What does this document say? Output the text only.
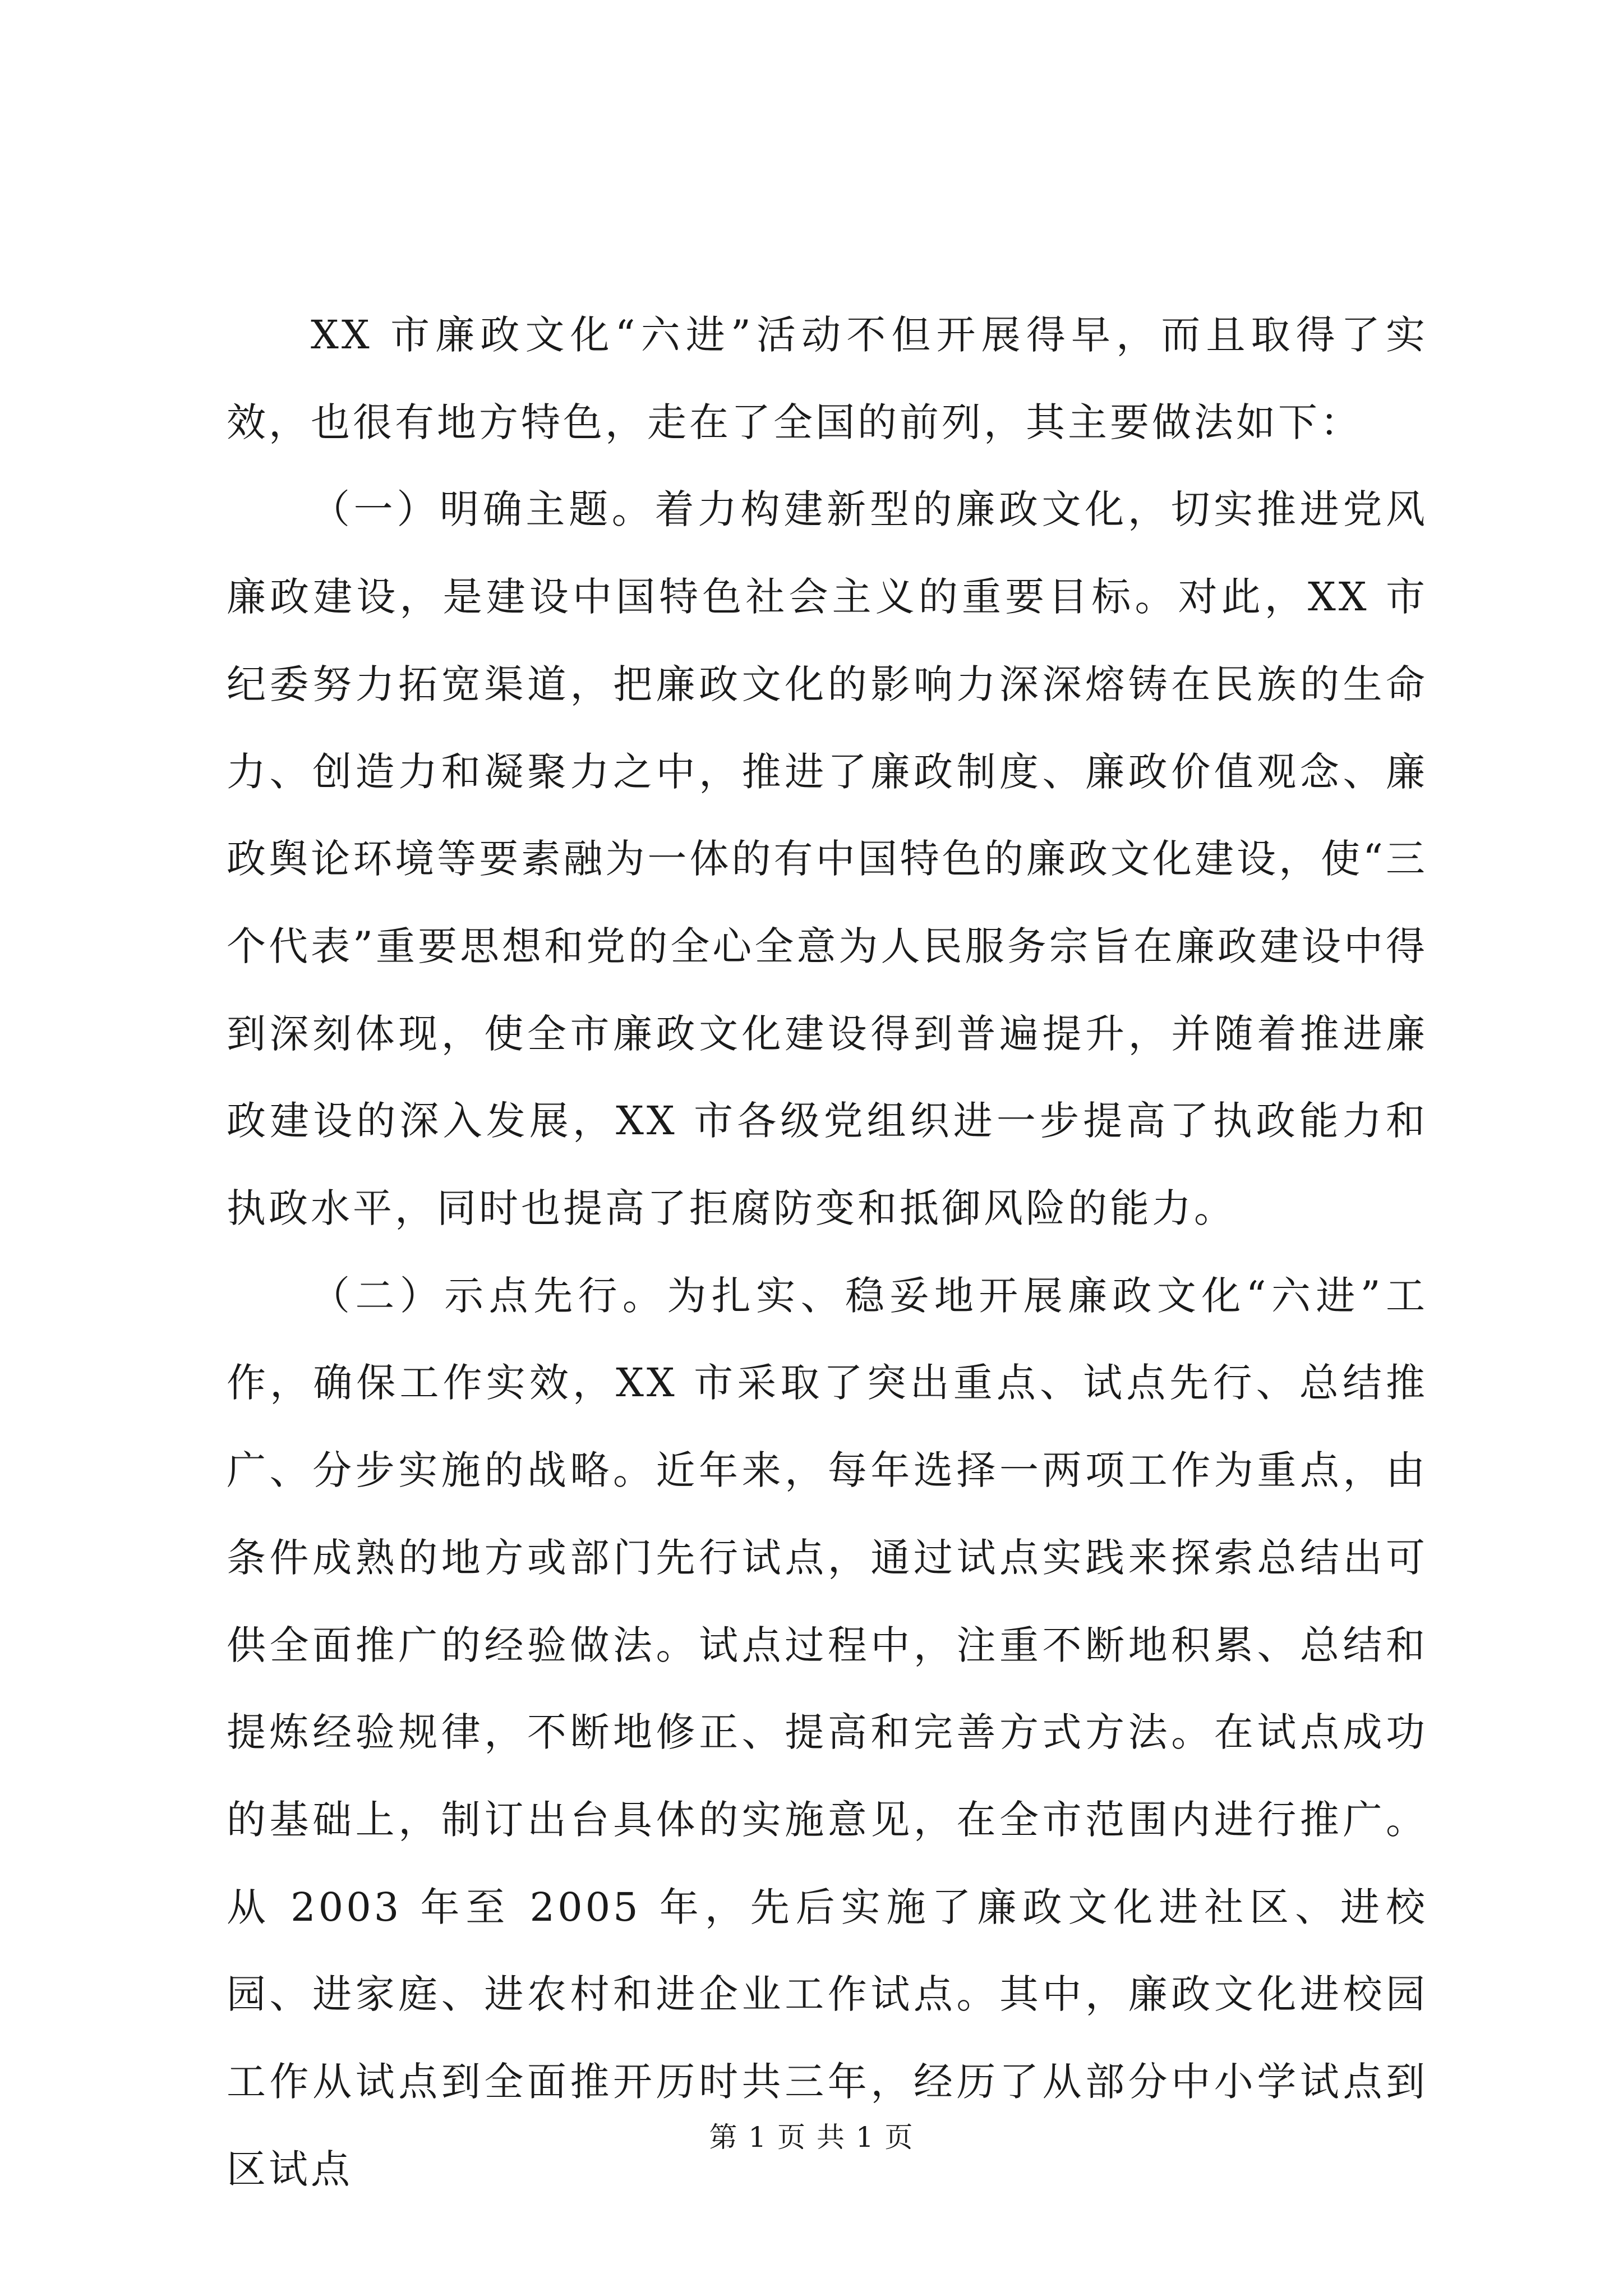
XX 市廉政文化“六进”活动不但开展得早，而且取得了实效，也很有地方特色，走在了全国的前列，其主要做法如下：

（一）明确主题。着力构建新型的廉政文化，切实推进党风廉政建设，是建设中国特色社会主义的重要目标。对此，XX 市纪委努力拓宽渠道，把廉政文化的影响力深深熔铸在民族的生命力、创造力和凝聚力之中，推进了廉政制度、廉政价值观念、廉政舆论环境等要素融为一体的有中国特色的廉政文化建设，使“三个代表”重要思想和党的全心全意为人民服务宗旨在廉政建设中得到深刻体现，使全市廉政文化建设得到普遍提升，并随着推进廉政建设的深入发展，XX 市各级党组织进一步提高了执政能力和执政水平，同时也提高了拒腐防变和抵御风险的能力。

（二）示点先行。为扎实、稳妥地开展廉政文化“六进”工作，确保工作实效，XX 市采取了突出重点、试点先行、总结推广、分步实施的战略。近年来，每年选择一两项工作为重点，由条件成熟的地方或部门先行试点，通过试点实践来探索总结出可供全面推广的经验做法。试点过程中，注重不断地积累、总结和提炼经验规律，不断地修正、提高和完善方式方法。在试点成功的基础上，制订出台具体的实施意见，在全市范围内进行推广。从 2003 年至 2005 年，先后实施了廉政文化进社区、进校园、进家庭、进农村和进企业工作试点。其中，廉政文化进校园工作从试点到全面推开历时共三年，经历了从部分中小学试点到区试点

第 1 页 共 1 页
